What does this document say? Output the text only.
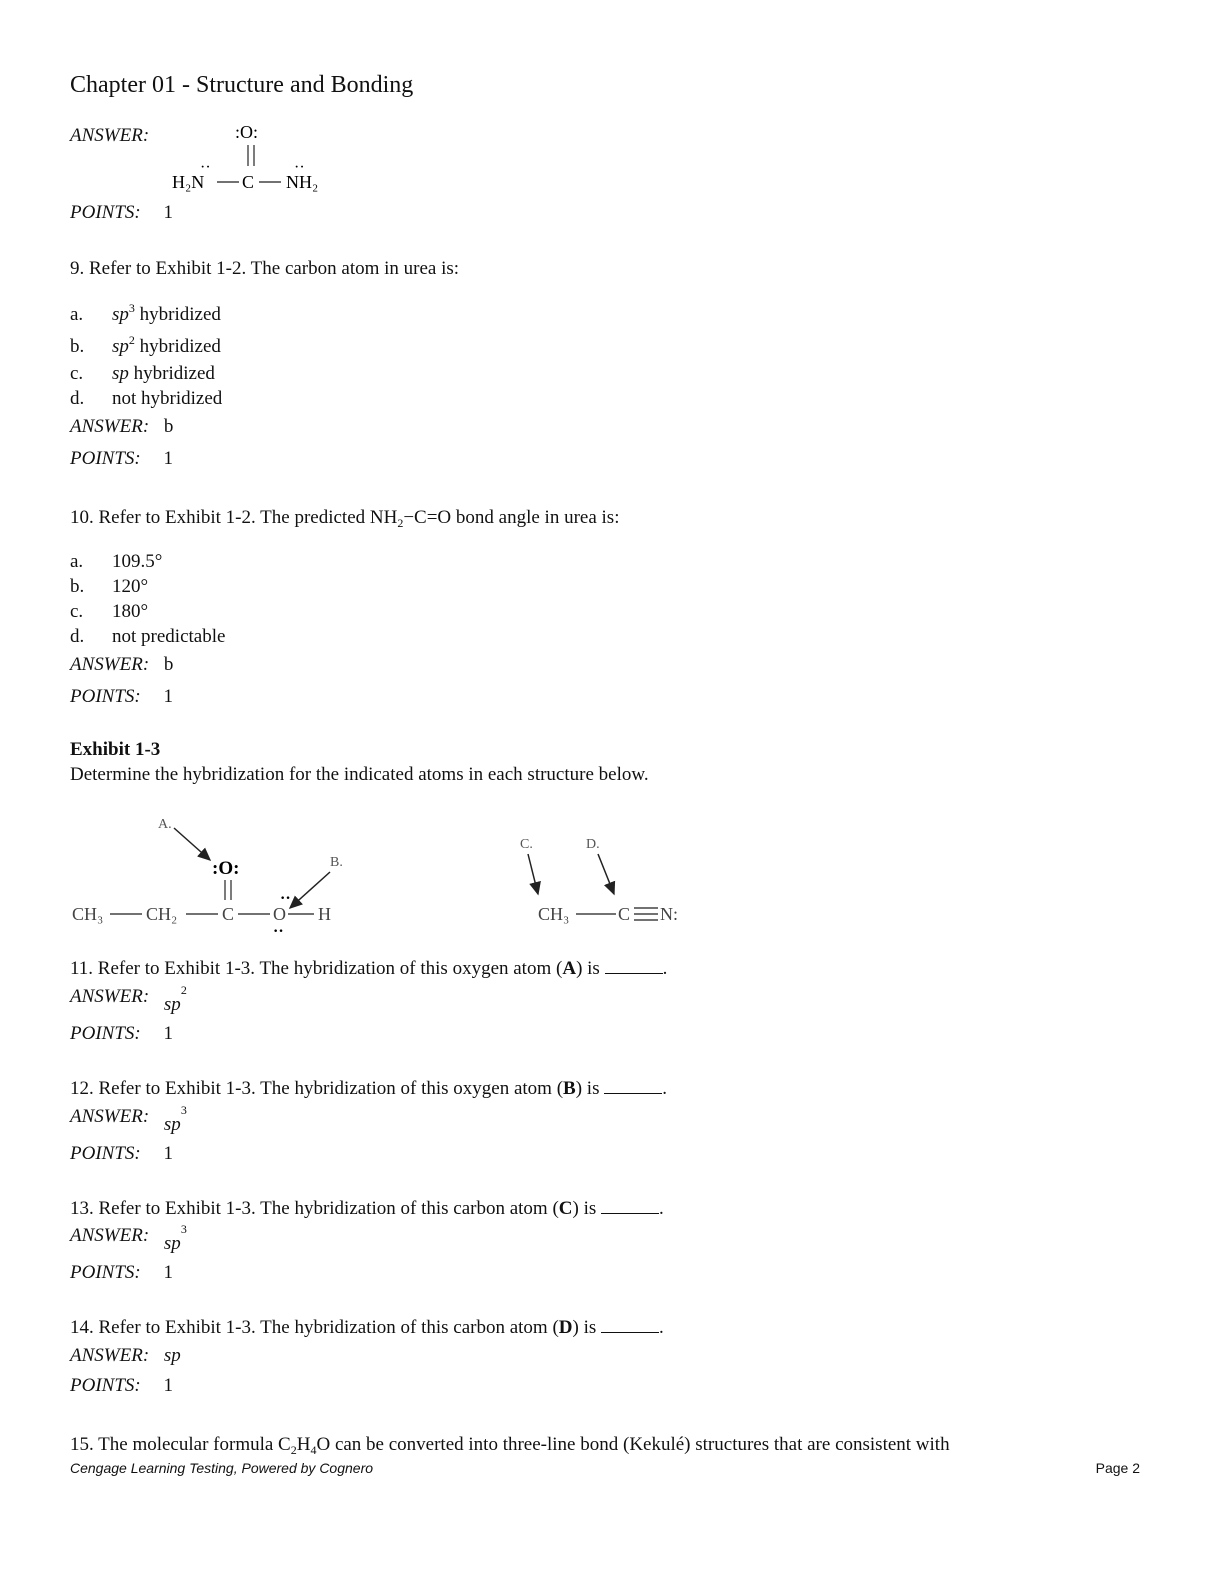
Chapter 01 - Structure and Bonding
ANSWER:	:O:
··	··
H₂N C NH₂
POINTS: 1
9. Refer to Exhibit 1-2. The carbon atom in urea is:
a. $sp^3$ hybridized
b. $sp^2$ hybridized
c. sp hybridized
d. not hybridized
ANSWER: b
POINTS: 1
10. Refer to Exhibit 1-2. The predicted $NH_2-C=O$ bond angle in urea is:
a. 109.5°
b. 120°
c. 180°
d. not predictable
ANSWER: b
POINTS: 1
Exhibit 1-3
Determine the hybridization for the indicated atoms in each structure below.
A.
:O:	B.
··
CH₃ CH₂ C O H
··
C.	D.
CH₃	C N:
11. Refer to Exhibit 1-3. The hybridization of this oxygen atom (A) is	.
ANSWER: $sp^2$
POINTS: 1
12. Refer to Exhibit 1-3. The hybridization of this oxygen atom (B) is	.
ANSWER: $sp^3$
POINTS: 1
13. Refer to Exhibit 1-3. The hybridization of this carbon atom (C) is	.
ANSWER: $sp^3$
POINTS: 1
14. Refer to Exhibit 1-3. The hybridization of this carbon atom (D) is	.
ANSWER: sp
POINTS: 1
15. The molecular formula $C_2H_4O$ can be converted into three-line bond (Kekulé) structures that are consistent with
Cengage Learning Testing, Powered by Cognero	Page 2
